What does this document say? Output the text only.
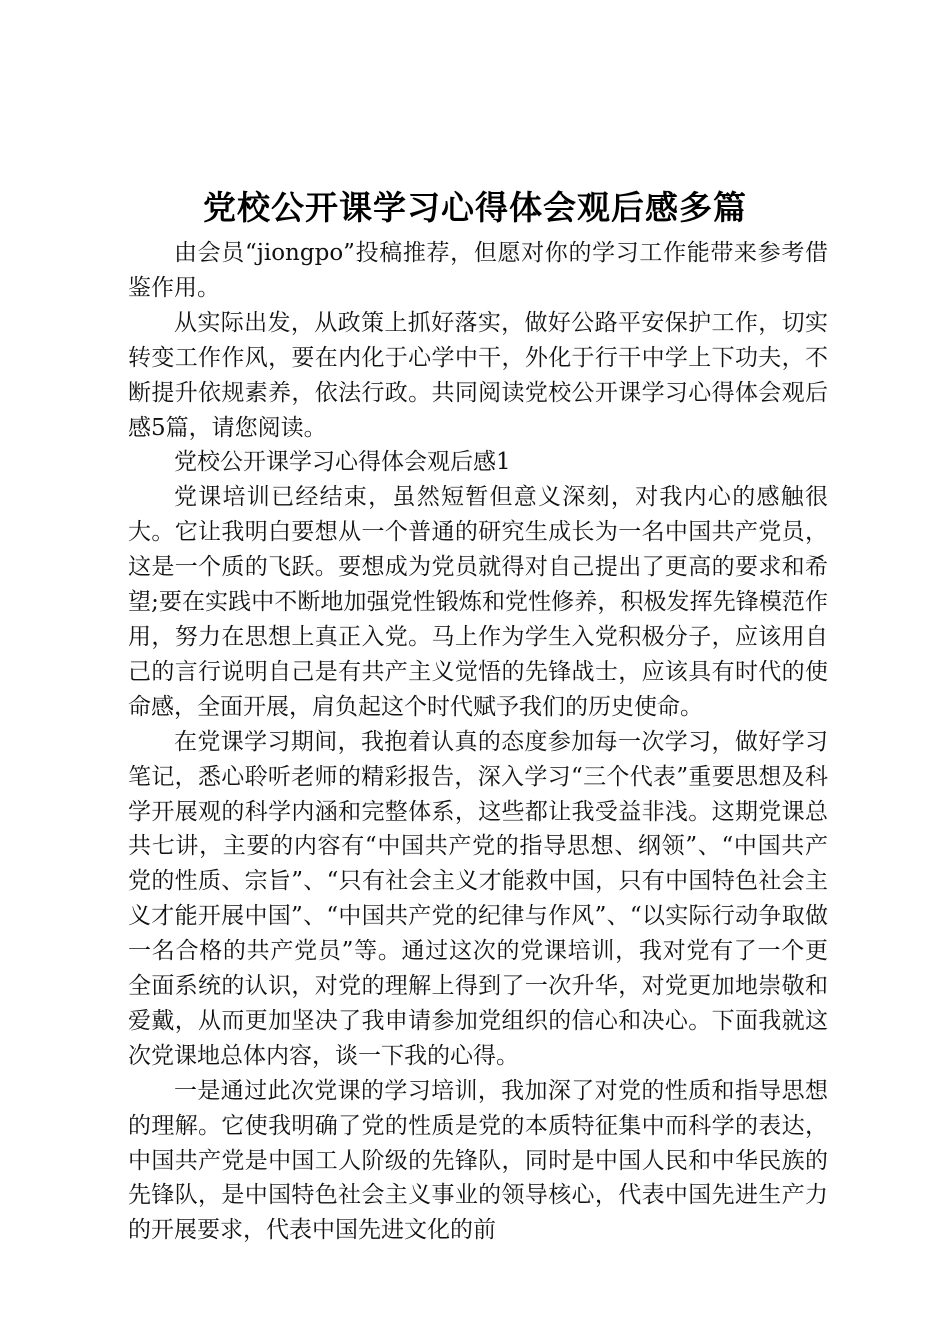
党校公开课学习心得体会观后感多篇

由会员“jiongpo”投稿推荐，但愿对你的学习工作能带来参考借鉴作用。

从实际出发，从政策上抓好落实，做好公路平安保护工作，切实转变工作作风，要在内化于心学中干，外化于行干中学上下功夫，不断提升依规素养，依法行政。共同阅读党校公开课学习心得体会观后感5篇，请您阅读。

党校公开课学习心得体会观后感1

党课培训已经结束，虽然短暂但意义深刻，对我内心的感触很大。它让我明白要想从一个普通的研究生成长为一名中国共产党员，这是一个质的飞跃。要想成为党员就得对自己提出了更高的要求和希望;要在实践中不断地加强党性锻炼和党性修养，积极发挥先锋模范作用，努力在思想上真正入党。马上作为学生入党积极分子，应该用自己的言行说明自己是有共产主义觉悟的先锋战士，应该具有时代的使命感，全面开展，肩负起这个时代赋予我们的历史使命。

在党课学习期间，我抱着认真的态度参加每一次学习，做好学习笔记，悉心聆听老师的精彩报告，深入学习“三个代表”重要思想及科学开展观的科学内涵和完整体系，这些都让我受益非浅。这期党课总共七讲，主要的内容有“中国共产党的指导思想、纲领”、“中国共产党的性质、宗旨”、“只有社会主义才能救中国，只有中国特色社会主义才能开展中国”、“中国共产党的纪律与作风”、“以实际行动争取做一名合格的共产党员”等。通过这次的党课培训，我对党有了一个更全面系统的认识，对党的理解上得到了一次升华，对党更加地崇敬和爱戴，从而更加坚决了我申请参加党组织的信心和决心。下面我就这次党课地总体内容，谈一下我的心得。

一是通过此次党课的学习培训，我加深了对党的性质和指导思想的理解。它使我明确了党的性质是党的本质特征集中而科学的表达，中国共产党是中国工人阶级的先锋队，同时是中国人民和中华民族的先锋队，是中国特色社会主义事业的领导核心，代表中国先进生产力的开展要求，代表中国先进文化的前
